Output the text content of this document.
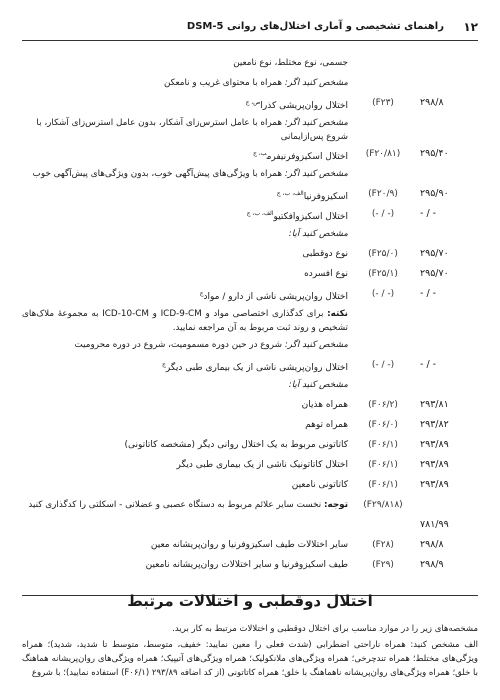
۱۲
راهنمای تشخیصی و آماری اختلال‌های روانی DSM-5
جسمی، نوع مختلط، نوع نامعین
مشخص کنید اگر: همراه با محتوای غریب و نامعکن
۲۹۸/۸
(F۲۳)
اختلال روان‌پریشی کذرا$^{ص، ج}$
مشخص کنید اگر: همراه با عامل استرس‌زای آشکار، بدون عامل استرس‌زای آشکار، با شروع پس‌ازایمانی
۲۹۵/۴۰
(F۲۰/۸۱)
اختلال اسکیزوفرنیفرم$^{ب، ج}$
مشخص کنید اگر: همراه با ویژگی‌های پیش‌آگهی خوب، بدون ویژگی‌های پیش‌آگهی خوب
۲۹۵/۹۰
(F۲۰/۹)
اسکیزوفرنیا$^{الف، ب، ج}$
- / -
(- / -)
اختلال اسکیزوافکتیو$^{الف، ب، ج}$
مشخص کنید آیا:
۲۹۵/۷۰
(F۲۵/۰)
نوع دوقطبی
۲۹۵/۷۰
(F۲۵/۱)
نوع افسرده
- / -
(- / -)
اختلال روان‌پریشی ناشی از دارو / مواد$^ج$
نکته: برای کدگذاری اختصاصی مواد و ICD-9-CM و ICD-10-CM به مجموعهٔ ملاک‌های تشخیص و روند ثبت مربوط به آن مراجعه نمایید.
مشخص کنید اگر: شروع در حین دوره مسمومیت، شروع در دوره محرومیت
- / -
(- / -)
اختلال روان‌پریشی ناشی از یک بیماری طبی دیگر$^ج$
مشخص کنید آیا:
۲۹۳/۸۱
(F۰۶/۲)
همراه هذیان
۲۹۳/۸۲
(F۰۶/۰)
همراه توهم
۲۹۳/۸۹
(F۰۶/۱)
کاتاتونی مربوط به یک اختلال روانی دیگر (مشخصه کاتاتونی)
۲۹۳/۸۹
(F۰۶/۱)
اختلال کاتاتونیک ناشی از یک بیماری طبی دیگر
۲۹۳/۸۹
(F۰۶/۱)
کاتاتونی نامعین
(F۲۹/۸۱۸)
توجه: نخست سایر علائم مربوط به دستگاه عصبی و عضلانی - اسکلتی را کدگذاری کنید
۷۸۱/۹۹
۲۹۸/۸
(F۲۸)
سایر اختلالات طیف اسکیزوفرنیا و روان‌پریشانه معین
۲۹۸/۹
(F۲۹)
طیف اسکیزوفرنیا و سایر اختلالات روان‌پریشانه نامعین
اختلال دوقطبی و اختلالات مرتبط

مشخصه‌های زیر را در موارد مناسب برای اختلال دوقطبی و اختلالات مرتبط به کار برید.

الف مشخص کنید: همراه ناراحتی اضطرابی (شدت فعلی را معین نمایید: خفیف، متوسط، متوسط تا شدید، شدید)؛ همراه ویژگی‌های مختلط؛ همراه تندچرخی؛ همراه ویژگی‌های ملانکولیک؛ همراه ویژگی‌های آتیپیک؛ همراه ویژگی‌های روان‌پریشانه هماهنگ با خلق؛ همراه ویژگی‌های روان‌پریشانه ناهماهنگ با خلق؛ همراه کاتاتونی (از کد اضافه ۲۹۳/۸۹ (F۰۶/۱) استفاده نمایید)؛ با شروع
